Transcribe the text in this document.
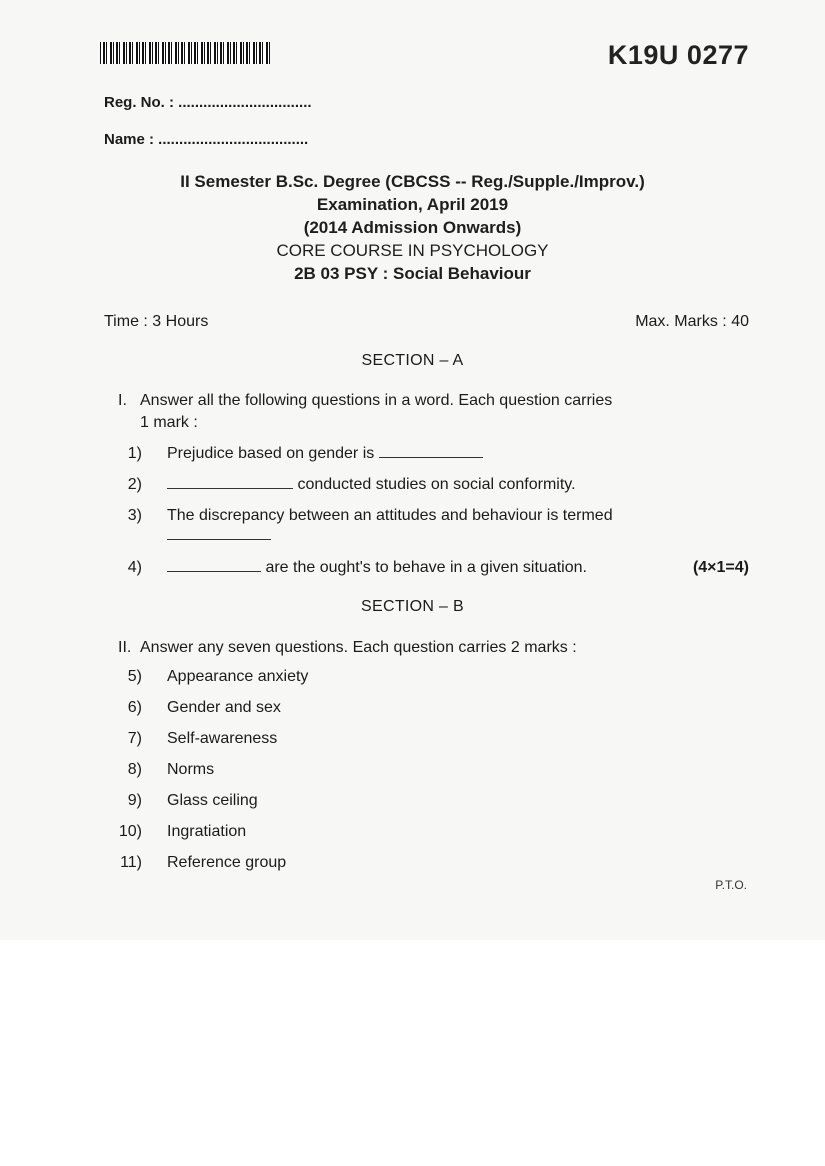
K19U 0277
Reg. No. : ................................
Name : ....................................
II Semester B.Sc. Degree (CBCSS -- Reg./Supple./Improv.)
Examination, April 2019
(2014 Admission Onwards)
CORE COURSE IN PSYCHOLOGY
2B 03 PSY : Social Behaviour
Time : 3 Hours	Max. Marks : 40
SECTION – A
I. Answer all the following questions in a word. Each question carries
1 mark :
1) Prejudice based on gender is
2)	conducted studies on social conformity.
3) The discrepancy between an attitudes and behaviour is termed
4)	are the ought's to behave in a given situation.	(4×1=4)
SECTION – B
II. Answer any seven questions. Each question carries 2 marks :
5) Appearance anxiety
6) Gender and sex
7) Self-awareness
8) Norms
9) Glass ceiling
10) Ingratiation
11) Reference group
P.T.O.
